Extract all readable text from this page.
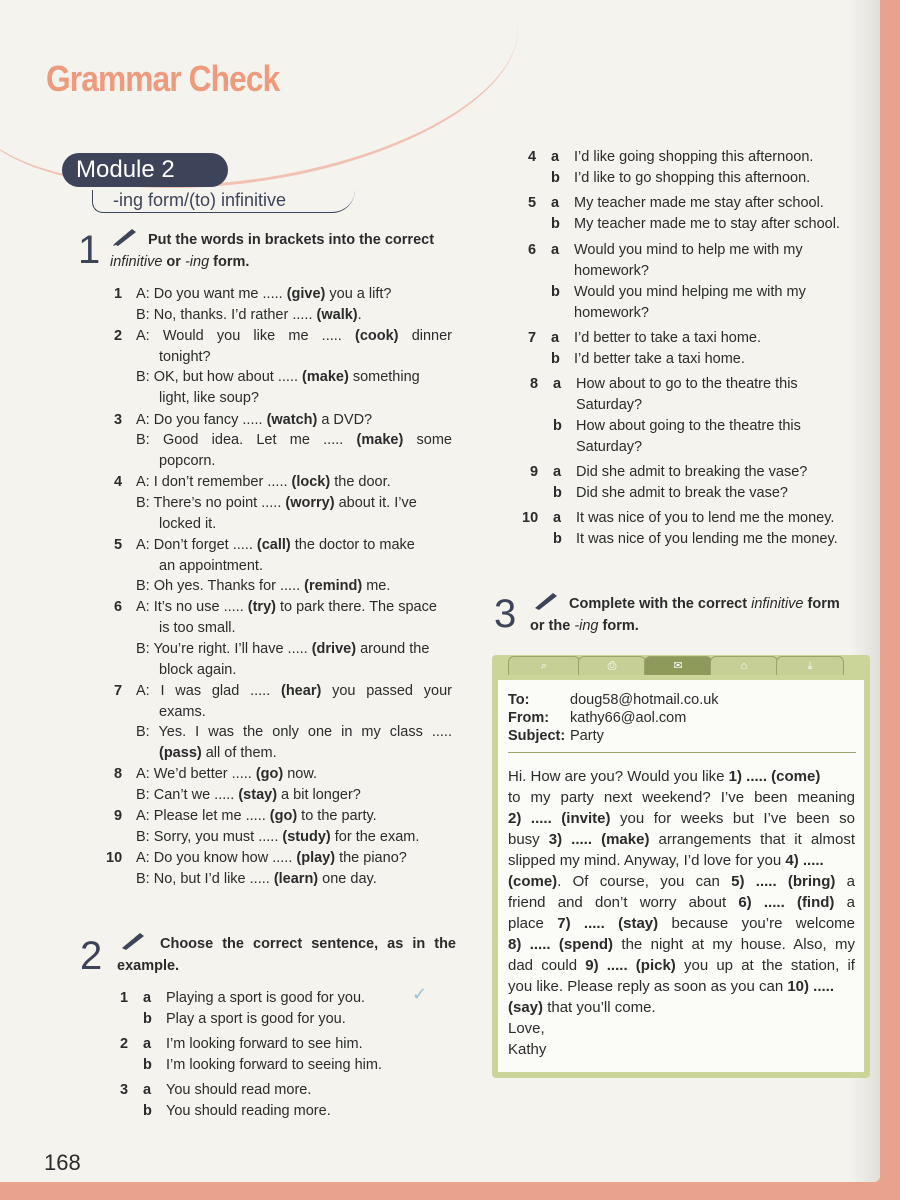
Grammar Check
Module 2
-ing form/(to) infinitive
1	Put the words in brackets into the correct
infinitive or -ing form.
1 A: Do you want me ..... (give) you a lift?
B: No, thanks. I’d rather ..... (walk).
2 A: Would you like me ..... (cook) dinner
tonight?
B: OK, but how about ..... (make) something
light, like soup?
3 A: Do you fancy ..... (watch) a DVD?
B: Good idea. Let me ..... (make) some
popcorn.
4 A: I don’t remember ..... (lock) the door.
B: There’s no point ..... (worry) about it. I’ve
locked it.
5 A: Don’t forget ..... (call) the doctor to make
an appointment.
B: Oh yes. Thanks for ..... (remind) me.
6 A: It’s no use ..... (try) to park there. The space
is too small.
B: You’re right. I’ll have ..... (drive) around the
block again.
7 A: I was glad ..... (hear) you passed your
exams.
B: Yes. I was the only one in my class .....
(pass) all of them.
8 A: We’d better ..... (go) now.
B: Can’t we ..... (stay) a bit longer?
9 A: Please let me ..... (go) to the party.
B: Sorry, you must ..... (study) for the exam.
10 A: Do you know how ..... (play) the piano?
B: No, but I’d like ..... (learn) one day.
2	Choose the correct sentence, as in the
example.
1 a Playing a sport is good for you.	✓
b Play a sport is good for you.
2 a I’m looking forward to see him.
b I’m looking forward to seeing him.
3 a You should read more.
b You should reading more.
4 a I’d like going shopping this afternoon.
b I’d like to go shopping this afternoon.
5 a My teacher made me stay after school.
b My teacher made me to stay after school.
6 a Would you mind to help me with my
homework?
b Would you mind helping me with my
homework?
7 a I’d better to take a taxi home.
b I’d better take a taxi home.
8 a How about to go to the theatre this
Saturday?
b How about going to the theatre this
Saturday?
9 a Did she admit to breaking the vase?
b Did she admit to break the vase?
10 a It was nice of you to lend me the money.
b It was nice of you lending me the money.
3	Complete with the correct infinitive form
or the -ing form.
⌕	⎙	✉	⌂	⤓
To:	doug58@hotmail.co.uk
From: kathy66@aol.com
Subject: Party
Hi. How are you? Would you like 1) ..... (come)
to my party next weekend? I’ve been meaning
2) ..... (invite) you for weeks but I’ve been so
busy 3) ..... (make) arrangements that it almost
slipped my mind. Anyway, I’d love for you 4) .....
(come). Of course, you can 5) ..... (bring) a
friend and don’t worry about 6) ..... (find) a
place 7) ..... (stay) because you’re welcome
8) ..... (spend) the night at my house. Also, my
dad could 9) ..... (pick) you up at the station, if
you like. Please reply as soon as you can 10) .....
(say) that you’ll come.
Love,
Kathy
168
